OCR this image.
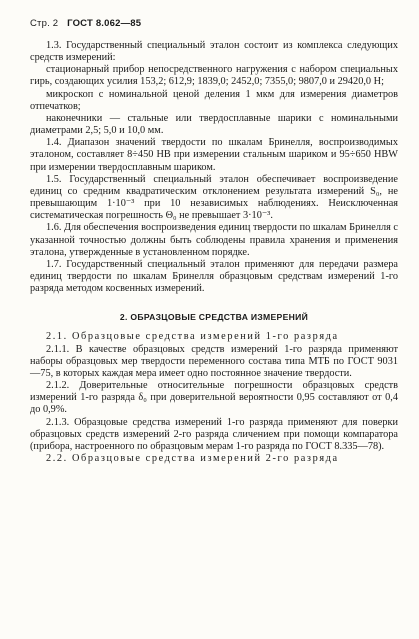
Стр. 2 ГОСТ 8.062—85

1.3. Государственный специальный эталон состоит из комплекса следующих средств измерений:

стационарный прибор непосредственного нагружения с набором специальных гирь, создающих усилия 153,2; 612,9; 1839,0; 2452,0; 7355,0; 9807,0 и 29420,0 Н;

микроскоп с номинальной ценой деления 1 мкм для измерения диаметров отпечатков;

наконечники — стальные или твердосплавные шарики с номинальными диаметрами 2,5; 5,0 и 10,0 мм.

1.4. Диапазон значений твердости по шкалам Бринелля, воспроизводимых эталоном, составляет 8÷450 HB при измерении стальным шариком и 95÷650 HBW при измерении твердосплавным шариком.

1.5. Государственный специальный эталон обеспечивает воспроизведение единиц со средним квадратическим отклонением результата измерений S₀, не превышающим 1·10⁻³ при 10 независимых наблюдениях. Неисключенная систематическая погрешность Θ₀ не превышает 3·10⁻³.

1.6. Для обеспечения воспроизведения единиц твердости по шкалам Бринелля с указанной точностью должны быть соблюдены правила хранения и применения эталона, утвержденные в установленном порядке.

1.7. Государственный специальный эталон применяют для передачи размера единиц твердости по шкалам Бринелля образцовым средствам измерений 1-го разряда методом косвенных измерений.

2. ОБРАЗЦОВЫЕ СРЕДСТВА ИЗМЕРЕНИЙ

2.1. Образцовые средства измерений 1-го разряда

2.1.1. В качестве образцовых средств измерений 1-го разряда применяют наборы образцовых мер твердости переменного состава типа МТБ по ГОСТ 9031—75, в которых каждая мера имеет одно постоянное значение твердости.

2.1.2. Доверительные относительные погрешности образцовых средств измерений 1-го разряда δ₀ при доверительной вероятности 0,95 составляют от 0,4 до 0,9%.

2.1.3. Образцовые средства измерений 1-го разряда применяют для поверки образцовых средств измерений 2-го разряда сличением при помощи компаратора (прибора, настроенного по образцовым мерам 1-го разряда по ГОСТ 8.335—78).

2.2. Образцовые средства измерений 2-го разряда
